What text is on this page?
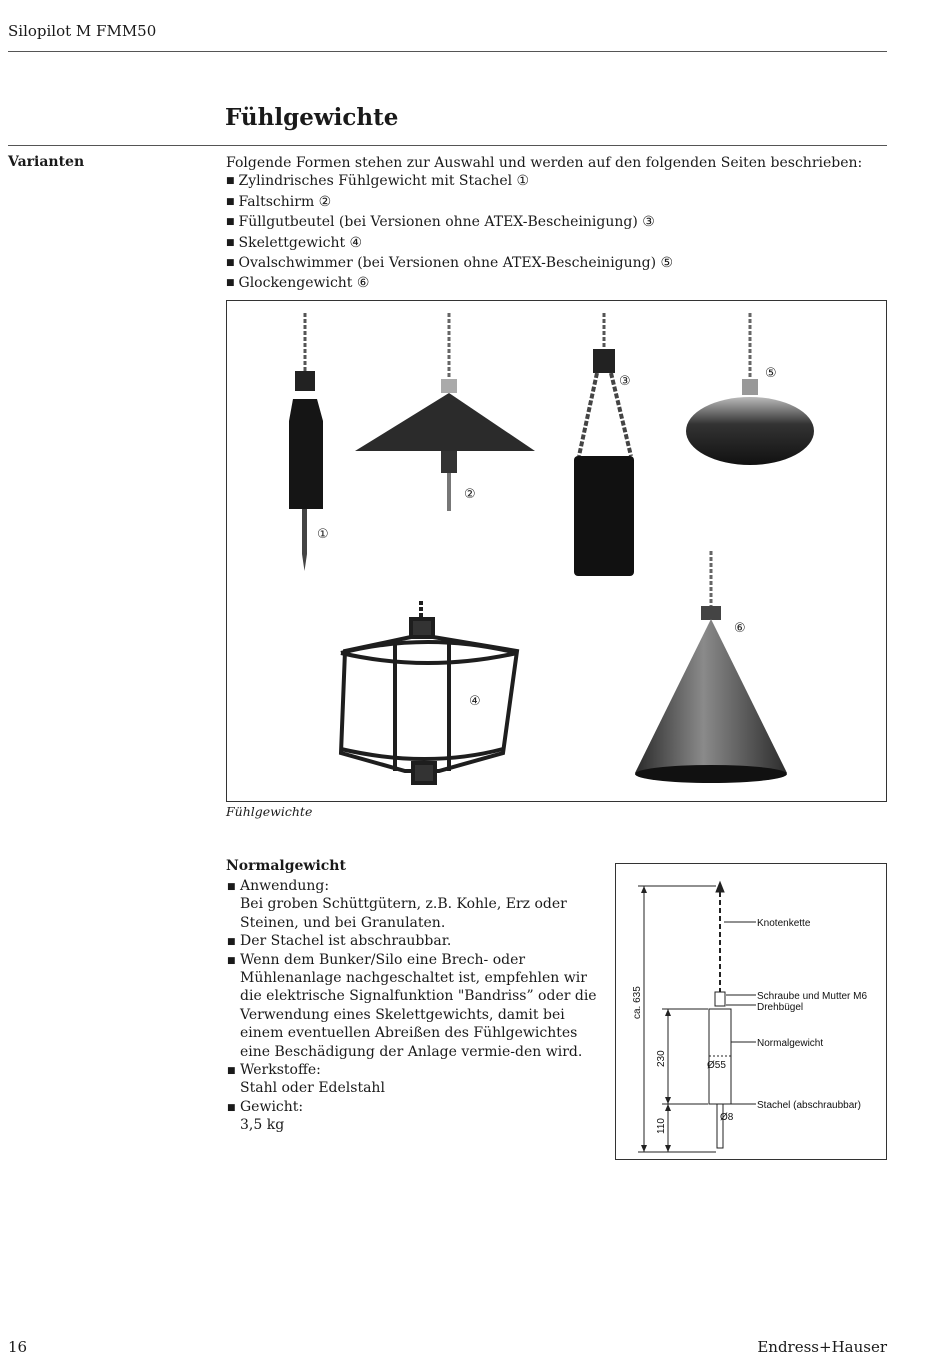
Silopilot M FMM50
Fühlgewichte
Varianten	Folgende Formen stehen zur Auswahl und werden auf den folgenden Seiten beschrieben:
■ Zylindrisches Fühlgewicht mit Stachel ①
■ Faltschirm ②
■ Füllgutbeutel (bei Versionen ohne ATEX-Bescheinigung) ③
■ Skelettgewicht ④
■ Ovalschwimmer (bei Versionen ohne ATEX-Bescheinigung) ⑤
■ Glockengewicht ⑥
①
②
③
⑤
④
⑥
Fühlgewichte
Normalgewicht
■ Anwendung:
Bei groben Schüttgütern, z.B. Kohle, Erz oder Steinen, und bei Granulaten.
■ Der Stachel ist abschraubbar.
■ Wenn dem Bunker/Silo eine Brech- oder Mühlenanlage nachgeschaltet ist, empfehlen wir die elektrische Signalfunktion "Bandriss” oder die Verwendung eines Skelettgewichts, damit bei einem eventuellen Abreißen des Fühlgewichtes eine Beschädigung der Anlage vermie-den wird.
■ Werkstoffe:
Stahl oder Edelstahl
■ Gewicht:
3,5 kg
Knotenkette
Schraube und Mutter M6
Drehbügel
Normalgewicht
Stachel (abschraubbar)
Ø55
Ø8
ca. 635
230
110
16	Endress+Hauser
